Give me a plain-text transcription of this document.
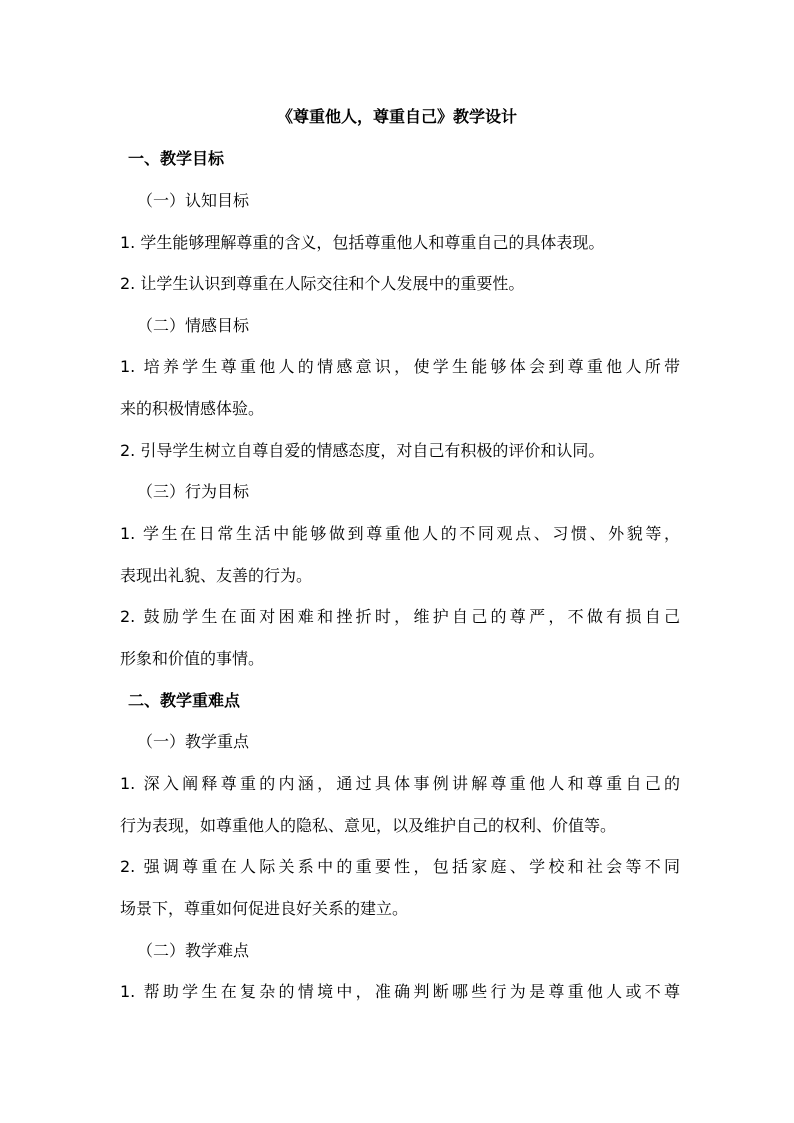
《尊重他人，尊重自己》教学设计
一、教学目标
（一）认知目标
1. 学生能够理解尊重的含义，包括尊重他人和尊重自己的具体表现。
2. 让学生认识到尊重在人际交往和个人发展中的重要性。
（二）情感目标
1. 培养学生尊重他人的情感意识，使学生能够体会到尊重他人所带
来的积极情感体验。
2. 引导学生树立自尊自爱的情感态度，对自己有积极的评价和认同。
（三）行为目标
1. 学生在日常生活中能够做到尊重他人的不同观点、习惯、外貌等，
表现出礼貌、友善的行为。
2. 鼓励学生在面对困难和挫折时，维护自己的尊严，不做有损自己
形象和价值的事情。
二、教学重难点
（一）教学重点
1. 深入阐释尊重的内涵，通过具体事例讲解尊重他人和尊重自己的
行为表现，如尊重他人的隐私、意见，以及维护自己的权利、价值等。
2. 强调尊重在人际关系中的重要性，包括家庭、学校和社会等不同
场景下，尊重如何促进良好关系的建立。
（二）教学难点
1. 帮助学生在复杂的情境中，准确判断哪些行为是尊重他人或不尊
